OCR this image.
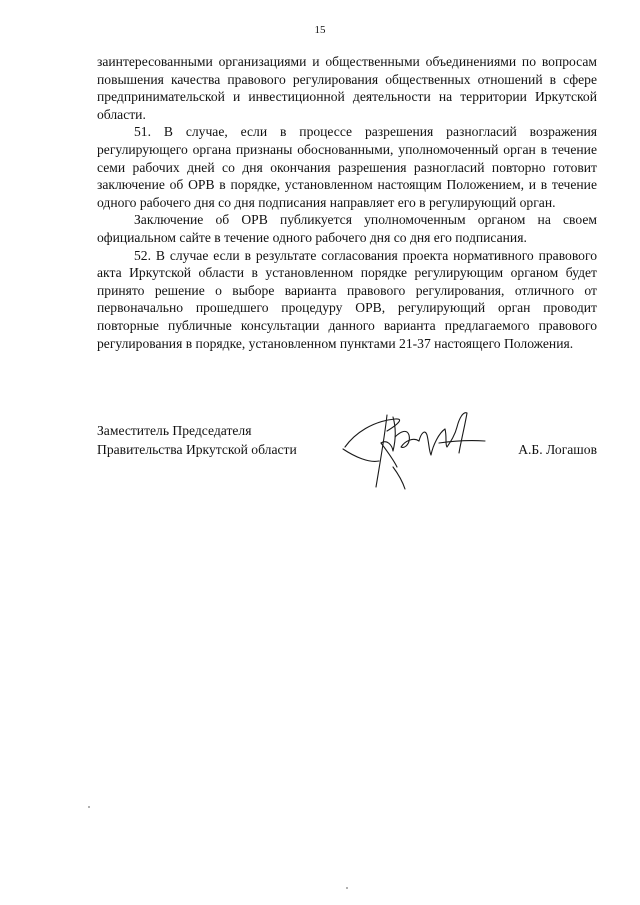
15

заинтересованными организациями и общественными объединениями по вопросам повышения качества правового регулирования общественных отношений в сфере предпринимательской и инвестиционной деятельности на территории Иркутской области.

51. В случае, если в процессе разрешения разногласий возражения регулирующего органа признаны обоснованными, уполномоченный орган в течение семи рабочих дней со дня окончания разрешения разногласий повторно готовит заключение об ОРВ в порядке, установленном настоящим Положением, и в течение одного рабочего дня со дня подписания направляет его в регулирующий орган.

Заключение об ОРВ публикуется уполномоченным органом на своем официальном сайте в течение одного рабочего дня со дня его подписания.

52. В случае если в результате согласования проекта нормативного правового акта Иркутской области в установленном порядке регулирующим органом будет принято решение о выборе варианта правового регулирования, отличного от первоначально прошедшего процедуру ОРВ, регулирующий орган проводит повторные публичные консультации данного варианта предлагаемого правового регулирования в порядке, установленном пунктами 21-37 настоящего Положения.

Заместитель Председателя
Правительства Иркутской области	А.Б. Логашов
